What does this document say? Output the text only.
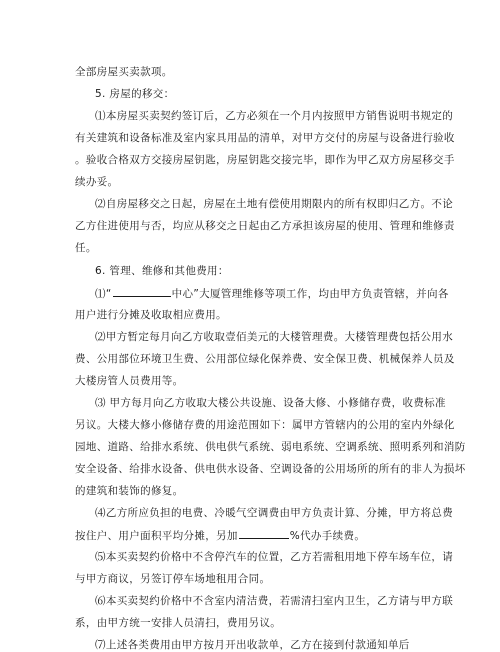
全部房屋买卖款项。
5. 房屋的移交：
⑴本房屋买卖契约签订后，乙方必须在一个月内按照甲方销售说明书规定的
有关建筑和设备标准及室内家具用品的清单，对甲方交付的房屋与设备进行验收
。验收合格双方交接房屋钥匙，房屋钥匙交接完毕，即作为甲乙双方房屋移交手
续办妥。
⑵自房屋移交之日起，房屋在土地有偿使用期限内的所有权即归乙方。不论
乙方住进使用与否，均应从移交之日起由乙方承担该房屋的使用、管理和维修责
任。
6. 管理、维修和其他费用：
⑴“	中心”大厦管理维修等项工作，均由甲方负责管辖，并向各
用户进行分摊及收取相应费用。
⑵甲方暂定每月向乙方收取壹佰美元的大楼管理费。大楼管理费包括公用水
费、公用部位环境卫生费、公用部位绿化保养费、安全保卫费、机械保养人员及
大楼房管人员费用等。
⑶ 甲方每月向乙方收取大楼公共设施、设备大修、小修储存费，收费标准
另议。大楼大修小修储存费的用途范围如下：属甲方管辖内的公用的室内外绿化
园地、道路、给排水系统、供电供气系统、弱电系统、空调系统、照明系列和消防
安全设备、给排水设备、供电供水设备、空调设备的公用场所的所有的非人为损坏
的建筑和装饰的修复。
⑷乙方所应负担的电费、冷暖气空调费由甲方负责计算、分摊，甲方将总费
按住户、用户面积平均分摊，另加	%代办手续费。
⑸本买卖契约价格中不含停汽车的位置，乙方若需租用地下停车场车位，请
与甲方商议，另签订停车场地租用合同。
⑹本买卖契约价格中不含室内清洁费，若需清扫室内卫生，乙方请与甲方联
系，由甲方统一安排人员清扫，费用另议。
⑺上述各类费用由甲方按月开出收款单，乙方在接到付款通知单后
